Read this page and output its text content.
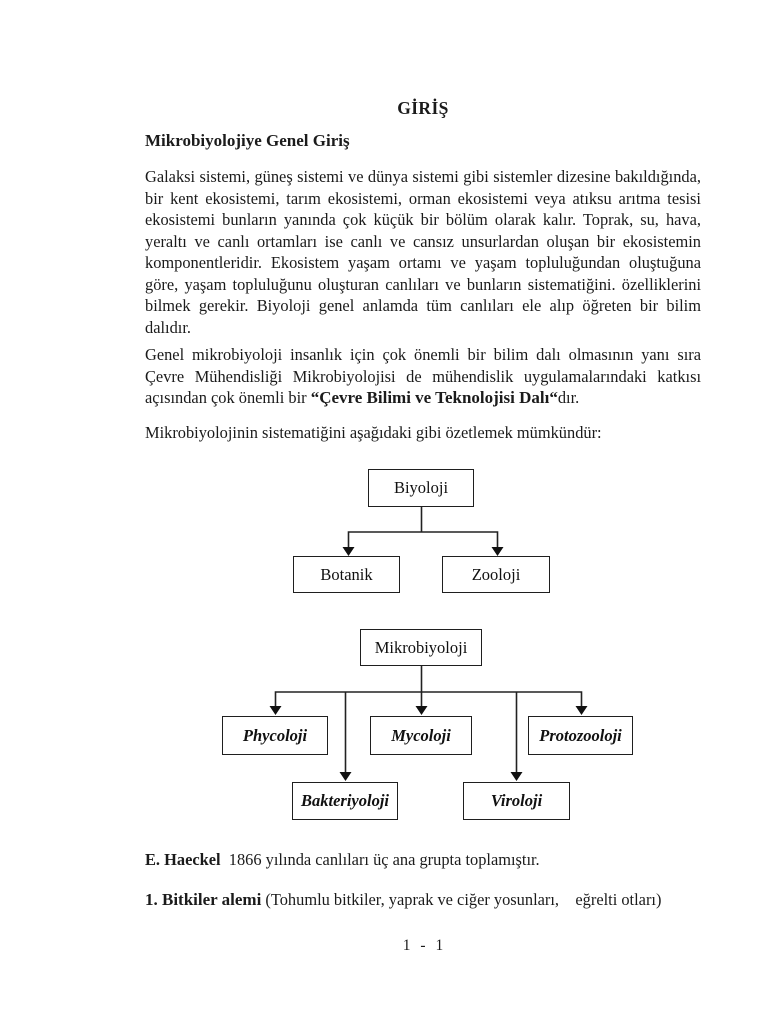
GİRİŞ
Mikrobiyolojiye Genel Giriş

Galaksi sistemi, güneş sistemi ve dünya sistemi gibi sistemler dizesine bakıldığında, bir kent ekosistemi, tarım ekosistemi, orman ekosistemi veya atıksu arıtma tesisi ekosistemi bunların yanında çok küçük bir bölüm olarak kalır. Toprak, su, hava, yeraltı ve canlı ortamları ise canlı ve cansız unsurlardan oluşan bir ekosistemin komponentleridir. Ekosistem yaşam ortamı ve yaşam topluluğundan oluştuğuna göre, yaşam topluluğunu oluşturan canlıları ve bunların sistematiğini. özelliklerini bilmek gerekir. Biyoloji genel anlamda tüm canlıları ele alıp öğreten bir bilim dalıdır.

Genel mikrobiyoloji insanlık için çok önemli bir bilim dalı olmasının yanı sıra Çevre Mühendisliği Mikrobiyolojisi de mühendislik uygulamalarındaki katkısı açısından çok önemli bir “Çevre Bilimi ve Teknolojisi Dalı“dır.

Mikrobiyolojinin sistematiğini aşağıdaki gibi özetlemek mümkündür:

Biyoloji
Botanik	Zooloji
Mikrobiyoloji
Phycoloji	Mycoloji	Protozooloji
Bakteriyoloji	Viroloji

E. Haeckel  1866 yılında canlıları üç ana grupta toplamıştır.

1. Bitkiler alemi (Tohumlu bitkiler, yaprak ve ciğer yosunları,    eğrelti otları)

1 - 1
